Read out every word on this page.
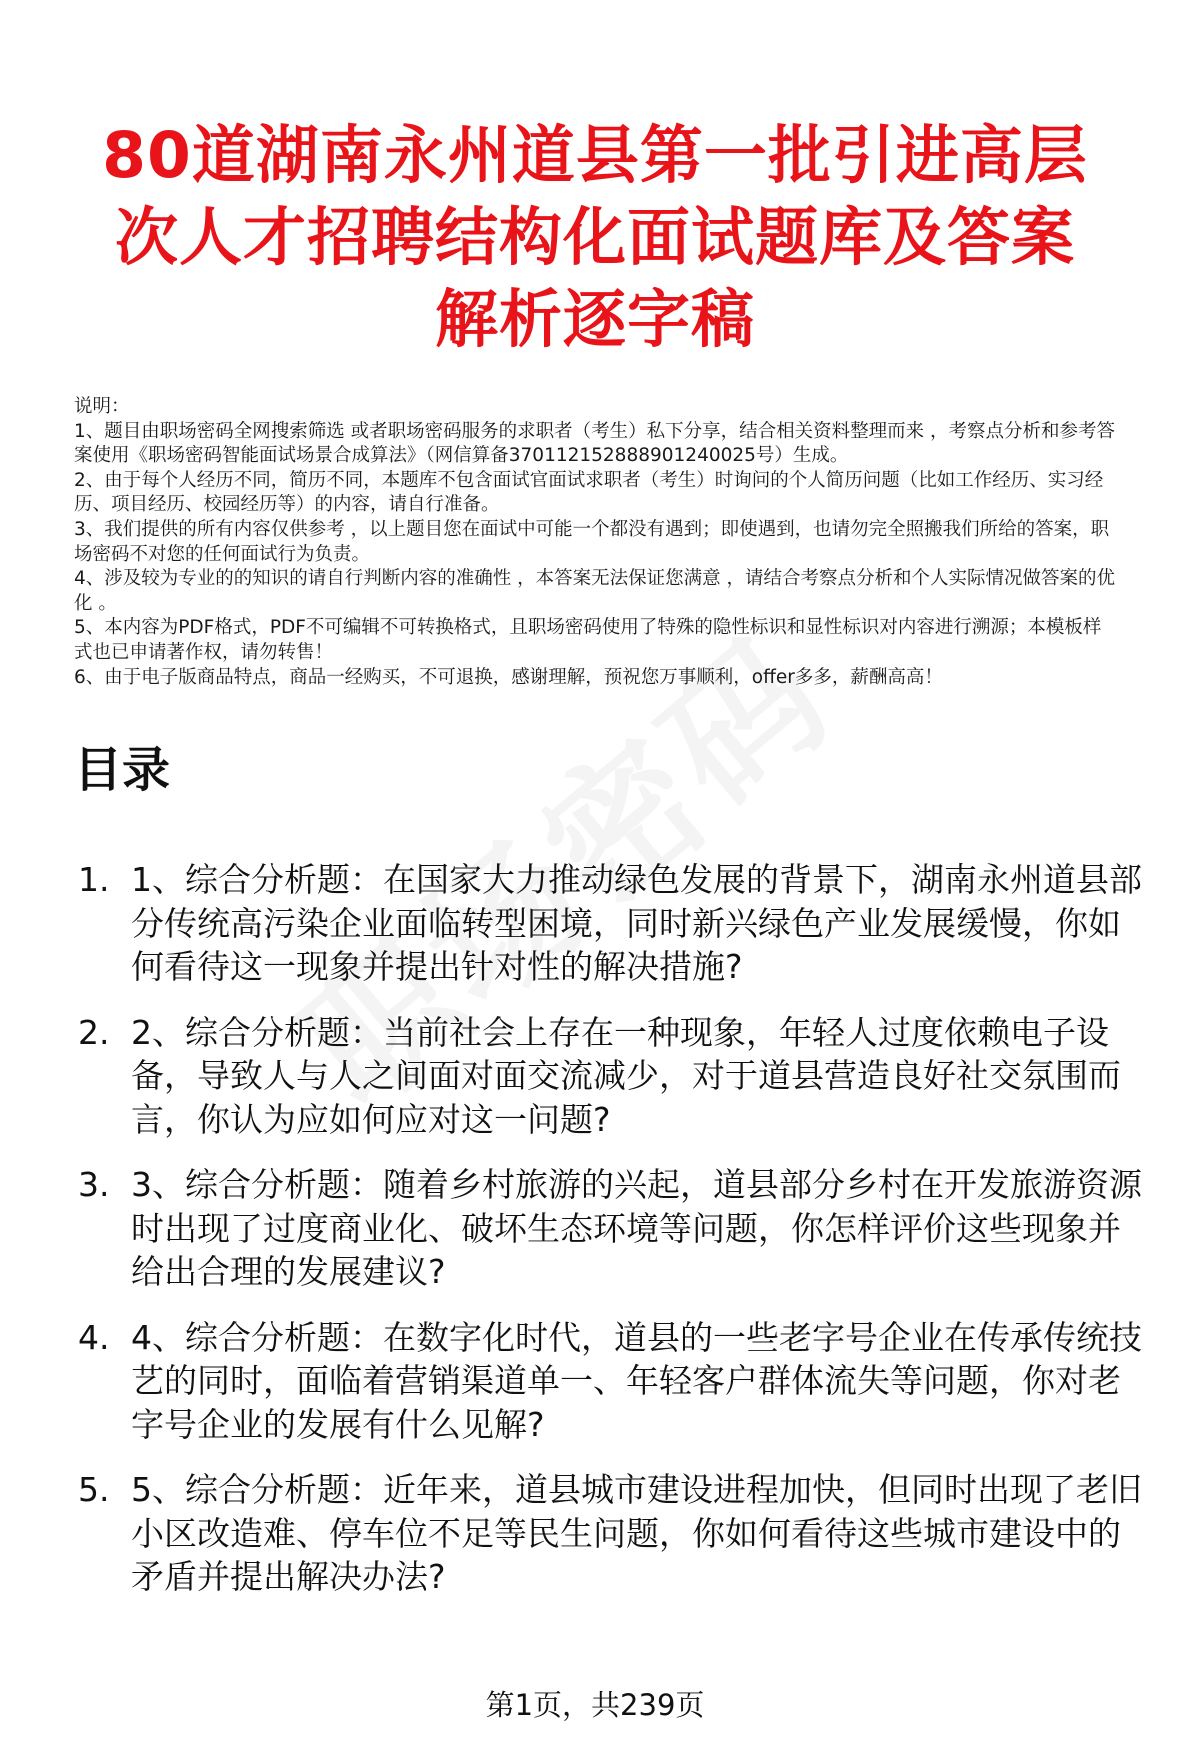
80道湖南永州道县第一批引进高层
次人才招聘结构化面试题库及答案
解析逐字稿
说明：
1、题目由职场密码全网搜索筛选 或者职场密码服务的求职者（考生）私下分享，结合相关资料整理而来 ，考察点分析和参考答案使用《职场密码智能面试场景合成算法》（网信算备370112152888901240025号）生成。
2、由于每个人经历不同，简历不同，本题库不包含面试官面试求职者（考生）时询问的个人简历问题（比如工作经历、实习经历、项目经历、校园经历等）的内容，请自行准备。
3、我们提供的所有内容仅供参考 ，以上题目您在面试中可能一个都没有遇到；即使遇到，也请勿完全照搬我们所给的答案，职场密码不对您的任何面试行为负责。
4、涉及较为专业的的知识的请自行判断内容的准确性 ，本答案无法保证您满意 ，请结合考察点分析和个人实际情况做答案的优化 。
5、本内容为PDF格式，PDF不可编辑不可转换格式，且职场密码使用了特殊的隐性标识和显性标识对内容进行溯源；本模板样式也已申请著作权，请勿转售！
6、由于电子版商品特点，商品一经购买，不可退换，感谢理解，预祝您万事顺利，offer多多，薪酬高高！
目录
1. 1、综合分析题：在国家大力推动绿色发展的背景下，湖南永州道县部分传统高污染企业面临转型困境，同时新兴绿色产业发展缓慢，你如何看待这一现象并提出针对性的解决措施?
2. 2、综合分析题：当前社会上存在一种现象，年轻人过度依赖电子设备，导致人与人之间面对面交流减少，对于道县营造良好社交氛围而言，你认为应如何应对这一问题?
3. 3、综合分析题：随着乡村旅游的兴起，道县部分乡村在开发旅游资源时出现了过度商业化、破坏生态环境等问题，你怎样评价这些现象并给出合理的发展建议?
4. 4、综合分析题：在数字化时代，道县的一些老字号企业在传承传统技艺的同时，面临着营销渠道单一、年轻客户群体流失等问题，你对老字号企业的发展有什么见解?
5. 5、综合分析题：近年来，道县城市建设进程加快，但同时出现了老旧小区改造难、停车位不足等民生问题，你如何看待这些城市建设中的矛盾并提出解决办法?
第1页，共239页
